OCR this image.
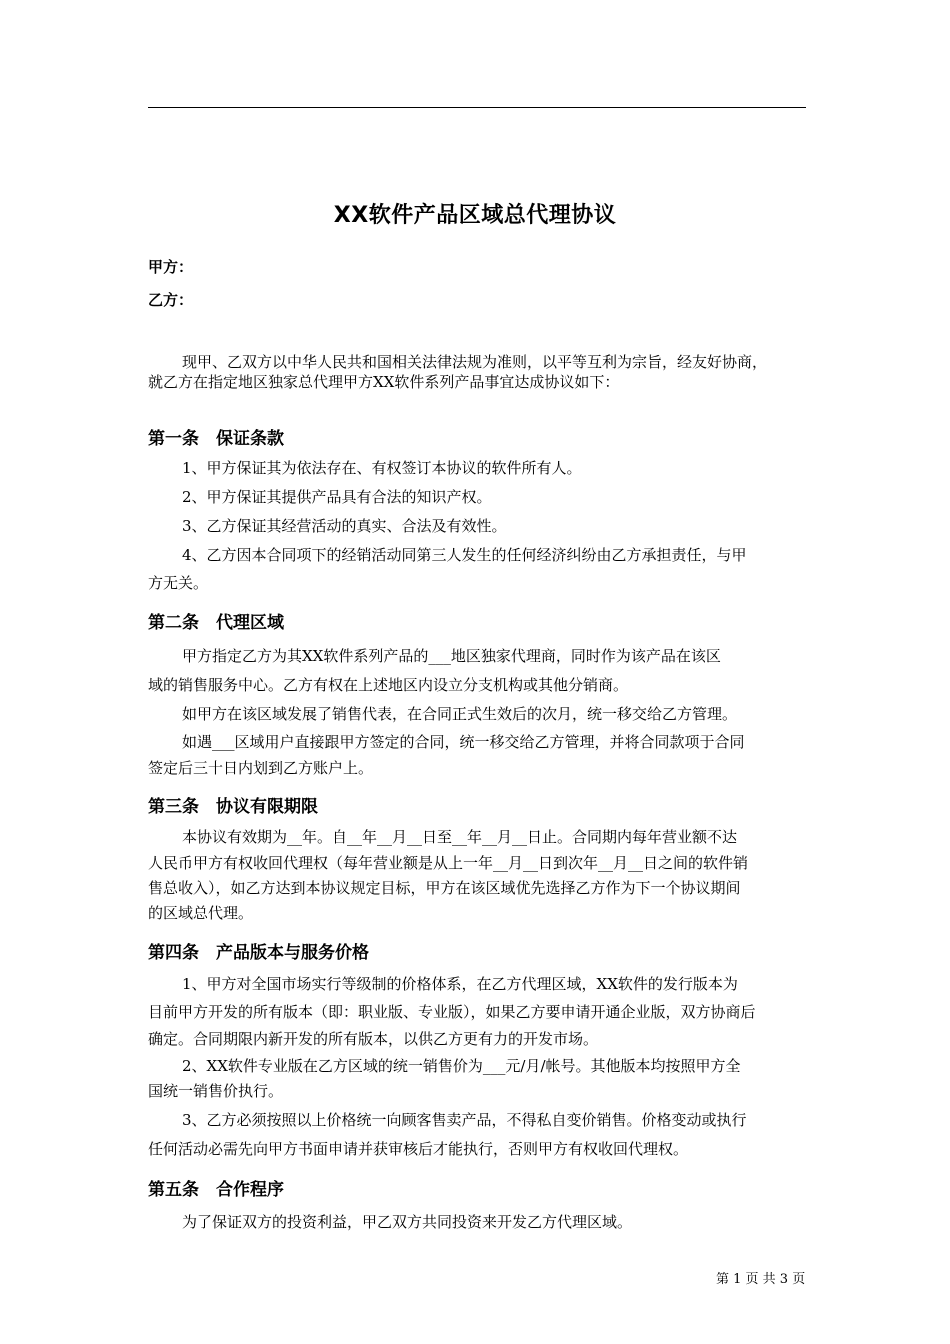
XX软件产品区域总代理协议
甲方：
乙方：
现甲、乙双方以中华人民共和国相关法律法规为准则，以平等互利为宗旨，经友好协商，
就乙方在指定地区独家总代理甲方XX软件系列产品事宜达成协议如下：
第一条　保证条款
1、甲方保证其为依法存在、有权签订本协议的软件所有人。
2、甲方保证其提供产品具有合法的知识产权。
3、乙方保证其经营活动的真实、合法及有效性。
4、乙方因本合同项下的经销活动同第三人发生的任何经济纠纷由乙方承担责任，与甲
方无关。
第二条　代理区域
甲方指定乙方为其XX软件系列产品的___地区独家代理商，同时作为该产品在该区
域的销售服务中心。乙方有权在上述地区内设立分支机构或其他分销商。
如甲方在该区域发展了销售代表，在合同正式生效后的次月，统一移交给乙方管理。
如遇___区域用户直接跟甲方签定的合同，统一移交给乙方管理，并将合同款项于合同
签定后三十日内划到乙方账户上。
第三条　协议有限期限
本协议有效期为__年。自__年__月__日至__年__月__日止。合同期内每年营业额不达
人民币甲方有权收回代理权（每年营业额是从上一年__月__日到次年__月__日之间的软件销
售总收入），如乙方达到本协议规定目标，甲方在该区域优先选择乙方作为下一个协议期间
的区域总代理。
第四条　产品版本与服务价格
1、甲方对全国市场实行等级制的价格体系，在乙方代理区域，XX软件的发行版本为
目前甲方开发的所有版本（即：职业版、专业版），如果乙方要申请开通企业版，双方协商后
确定。合同期限内新开发的所有版本，以供乙方更有力的开发市场。
2、XX软件专业版在乙方区域的统一销售价为___元/月/帐号。其他版本均按照甲方全
国统一销售价执行。
3、乙方必须按照以上价格统一向顾客售卖产品，不得私自变价销售。价格变动或执行
任何活动必需先向甲方书面申请并获审核后才能执行，否则甲方有权收回代理权。
第五条　合作程序
为了保证双方的投资利益，甲乙双方共同投资来开发乙方代理区域。
第 1 页 共 3 页
